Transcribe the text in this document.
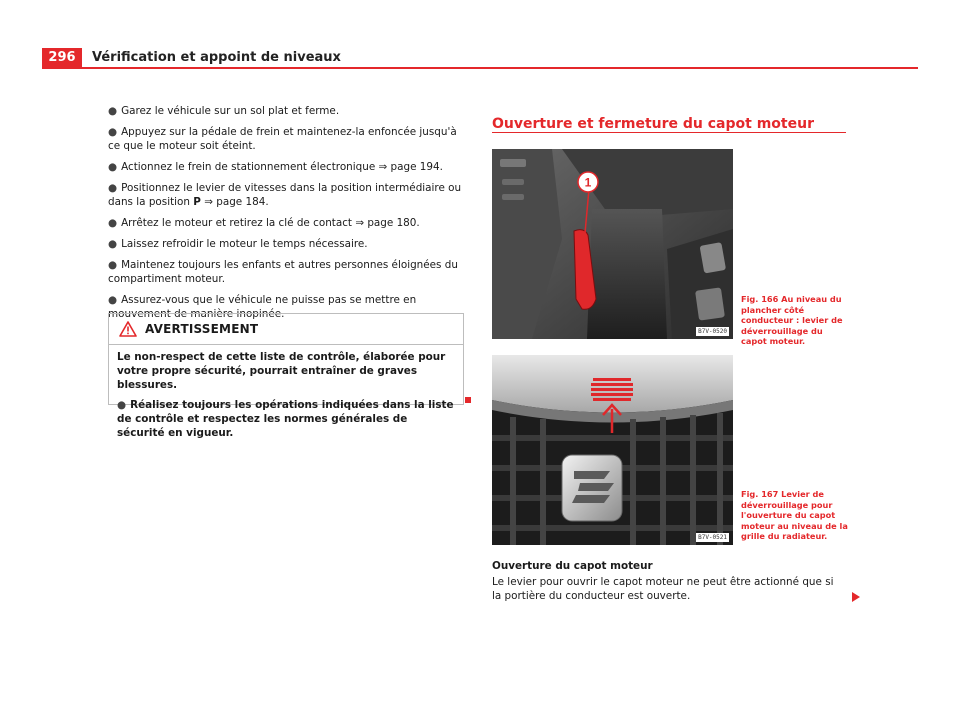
296	Vérification et appoint de niveaux

● Garez le véhicule sur un sol plat et ferme.

● Appuyez sur la pédale de frein et maintenez-la enfoncée jusqu'à ce que le moteur soit éteint.

● Actionnez le frein de stationnement électronique ⇒ page 194.

● Positionnez le levier de vitesses dans la position intermédiaire ou dans la position P ⇒ page 184.

● Arrêtez le moteur et retirez la clé de contact ⇒ page 180.

● Laissez refroidir le moteur le temps nécessaire.

● Maintenez toujours les enfants et autres personnes éloignées du compartiment moteur.

● Assurez-vous que le véhicule ne puisse pas se mettre en mouvement de manière inopinée.

AVERTISSEMENT

Le non-respect de cette liste de contrôle, élaborée pour votre propre sécurité, pourrait entraîner de graves blessures.

● Réalisez toujours les opérations indiquées dans la liste de contrôle et respectez les normes générales de sécurité en vigueur.

Ouverture et fermeture du capot moteur
1
B7V-0520
Fig. 166 Au niveau du plancher côté conducteur : levier de déverrouillage du capot moteur.
B7V-0521
Fig. 167 Levier de déverrouillage pour l'ouverture du capot moteur au niveau de la grille du radiateur.
Ouverture du capot moteur
Le levier pour ouvrir le capot moteur ne peut être actionné que si la portière du conducteur est ouverte.
